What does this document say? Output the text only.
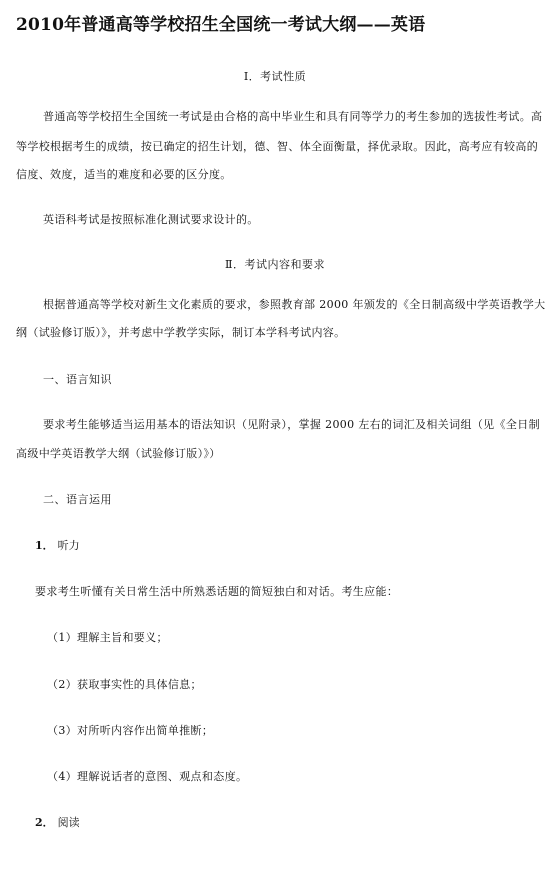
2010年普通高等学校招生全国统一考试大纲——英语
Ⅰ．考试性质
普通高等学校招生全国统一考试是由合格的高中毕业生和具有同等学力的考生参加的选拔性考试。高
等学校根据考生的成绩，按已确定的招生计划，德、智、体全面衡量，择优录取。因此，高考应有较高的
信度、效度，适当的难度和必要的区分度。
英语科考试是按照标准化测试要求设计的。
Ⅱ．考试内容和要求
根据普通高等学校对新生文化素质的要求，参照教育部 2000 年颁发的《全日制高级中学英语教学大
纲（试验修订版）》，并考虑中学教学实际，制订本学科考试内容。
一、语言知识
要求考生能够适当运用基本的语法知识（见附录），掌握 2000 左右的词汇及相关词组（见《全日制
高级中学英语教学大纲（试验修订版）》）
二、语言运用
1． 听力
要求考生听懂有关日常生活中所熟悉话题的简短独白和对话。考生应能：
（1）理解主旨和要义；
（2）获取事实性的具体信息；
（3）对所听内容作出简单推断；
（4）理解说话者的意图、观点和态度。
2． 阅读
